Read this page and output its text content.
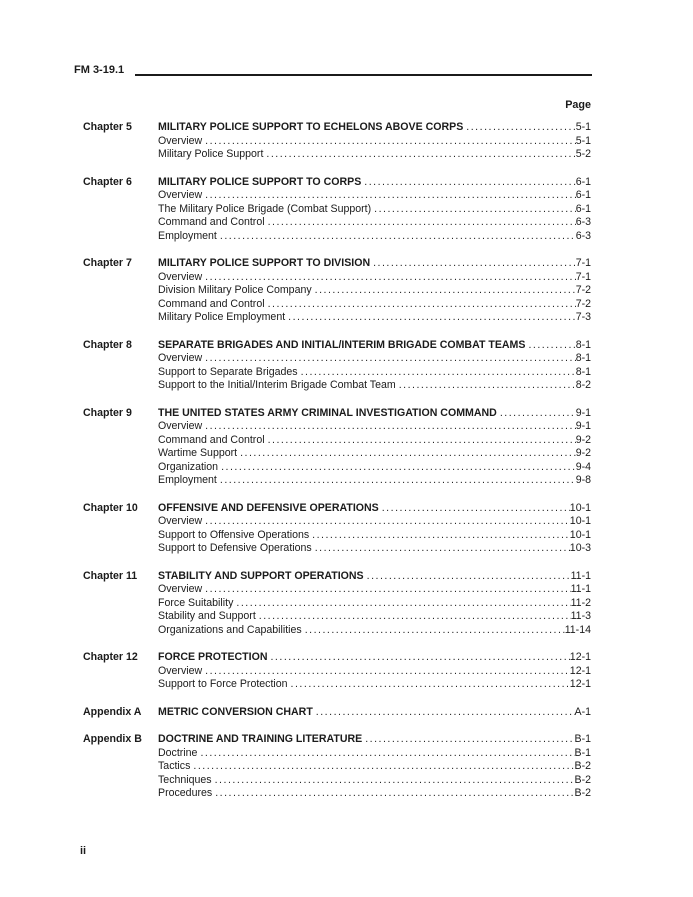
FM 3-19.1
Page
Chapter 5	MILITARY POLICE SUPPORT TO ECHELONS ABOVE CORPS .....	5-1
Overview .....	5-1
Military Police Support .....	5-2
Chapter 6	MILITARY POLICE SUPPORT TO CORPS .....	6-1
Overview .....	6-1
The Military Police Brigade (Combat Support) .....	6-1
Command and Control .....	6-3
Employment .....	6-3
Chapter 7	MILITARY POLICE SUPPORT TO DIVISION .....	7-1
Overview .....	7-1
Division Military Police Company .....	7-2
Command and Control .....	7-2
Military Police Employment .....	7-3
Chapter 8	SEPARATE BRIGADES AND INITIAL/INTERIM BRIGADE COMBAT TEAMS .....	8-1
Overview .....	8-1
Support to Separate Brigades .....	8-1
Support to the Initial/Interim Brigade Combat Team .....	8-2
Chapter 9	THE UNITED STATES ARMY CRIMINAL INVESTIGATION COMMAND .....	9-1
Overview .....	9-1
Command and Control .....	9-2
Wartime Support .....	9-2
Organization .....	9-4
Employment .....	9-8
Chapter 10	OFFENSIVE AND DEFENSIVE OPERATIONS .....	10-1
Overview .....	10-1
Support to Offensive Operations .....	10-1
Support to Defensive Operations .....	10-3
Chapter 11	STABILITY AND SUPPORT OPERATIONS .....	11-1
Overview .....	11-1
Force Suitability .....	11-2
Stability and Support .....	11-3
Organizations and Capabilities .....	11-14
Chapter 12	FORCE PROTECTION .....	12-1
Overview .....	12-1
Support to Force Protection .....	12-1
Appendix A	METRIC CONVERSION CHART .....	A-1
Appendix B	DOCTRINE AND TRAINING LITERATURE .....	B-1
Doctrine .....	B-1
Tactics .....	B-2
Techniques .....	B-2
Procedures .....	B-2
ii
